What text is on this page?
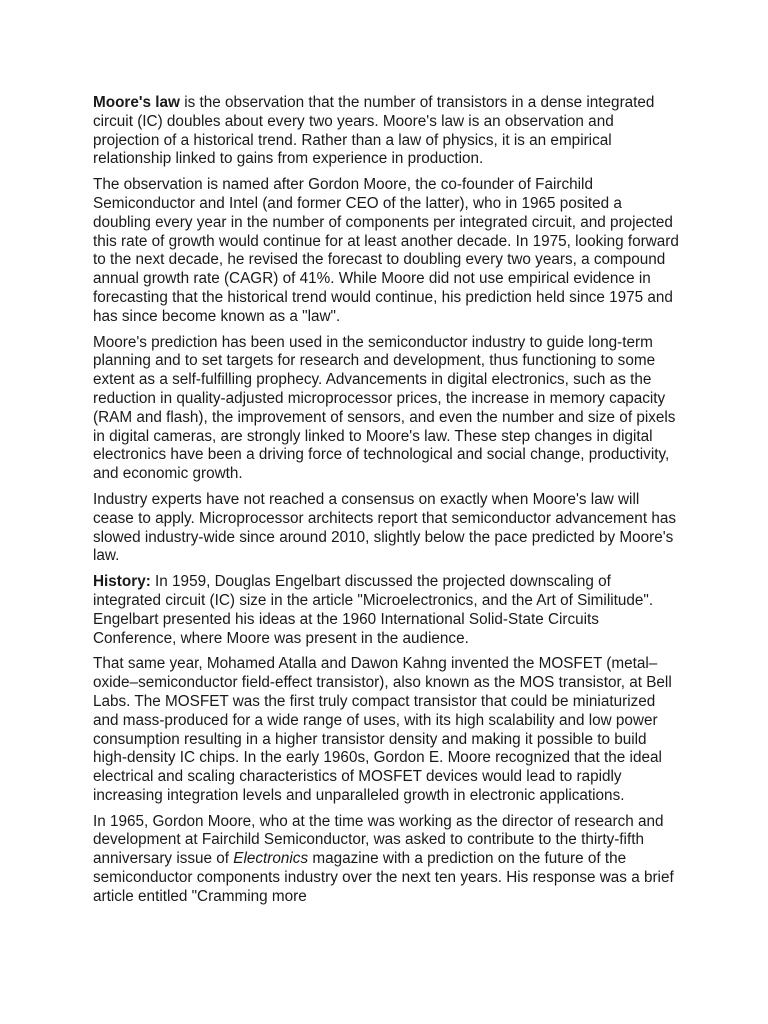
Moore's law is the observation that the number of transistors in a dense integrated circuit (IC) doubles about every two years. Moore's law is an observation and projection of a historical trend. Rather than a law of physics, it is an empirical relationship linked to gains from experience in production.

The observation is named after Gordon Moore, the co-founder of Fairchild Semiconductor and Intel (and former CEO of the latter), who in 1965 posited a doubling every year in the number of components per integrated circuit, and projected this rate of growth would continue for at least another decade. In 1975, looking forward to the next decade, he revised the forecast to doubling every two years, a compound annual growth rate (CAGR) of 41%. While Moore did not use empirical evidence in forecasting that the historical trend would continue, his prediction held since 1975 and has since become known as a "law".

Moore's prediction has been used in the semiconductor industry to guide long-term planning and to set targets for research and development, thus functioning to some extent as a self-fulfilling prophecy. Advancements in digital electronics, such as the reduction in quality-adjusted microprocessor prices, the increase in memory capacity (RAM and flash), the improvement of sensors, and even the number and size of pixels in digital cameras, are strongly linked to Moore's law. These step changes in digital electronics have been a driving force of technological and social change, productivity, and economic growth.

Industry experts have not reached a consensus on exactly when Moore's law will cease to apply. Microprocessor architects report that semiconductor advancement has slowed industry-wide since around 2010, slightly below the pace predicted by Moore's law.

History: In 1959, Douglas Engelbart discussed the projected downscaling of integrated circuit (IC) size in the article "Microelectronics, and the Art of Similitude". Engelbart presented his ideas at the 1960 International Solid-State Circuits Conference, where Moore was present in the audience.

That same year, Mohamed Atalla and Dawon Kahng invented the MOSFET (metal–oxide–semiconductor field-effect transistor), also known as the MOS transistor, at Bell Labs. The MOSFET was the first truly compact transistor that could be miniaturized and mass-produced for a wide range of uses, with its high scalability and low power consumption resulting in a higher transistor density and making it possible to build high-density IC chips. In the early 1960s, Gordon E. Moore recognized that the ideal electrical and scaling characteristics of MOSFET devices would lead to rapidly increasing integration levels and unparalleled growth in electronic applications.

In 1965, Gordon Moore, who at the time was working as the director of research and development at Fairchild Semiconductor, was asked to contribute to the thirty-fifth anniversary issue of Electronics magazine with a prediction on the future of the semiconductor components industry over the next ten years. His response was a brief article entitled "Cramming more
